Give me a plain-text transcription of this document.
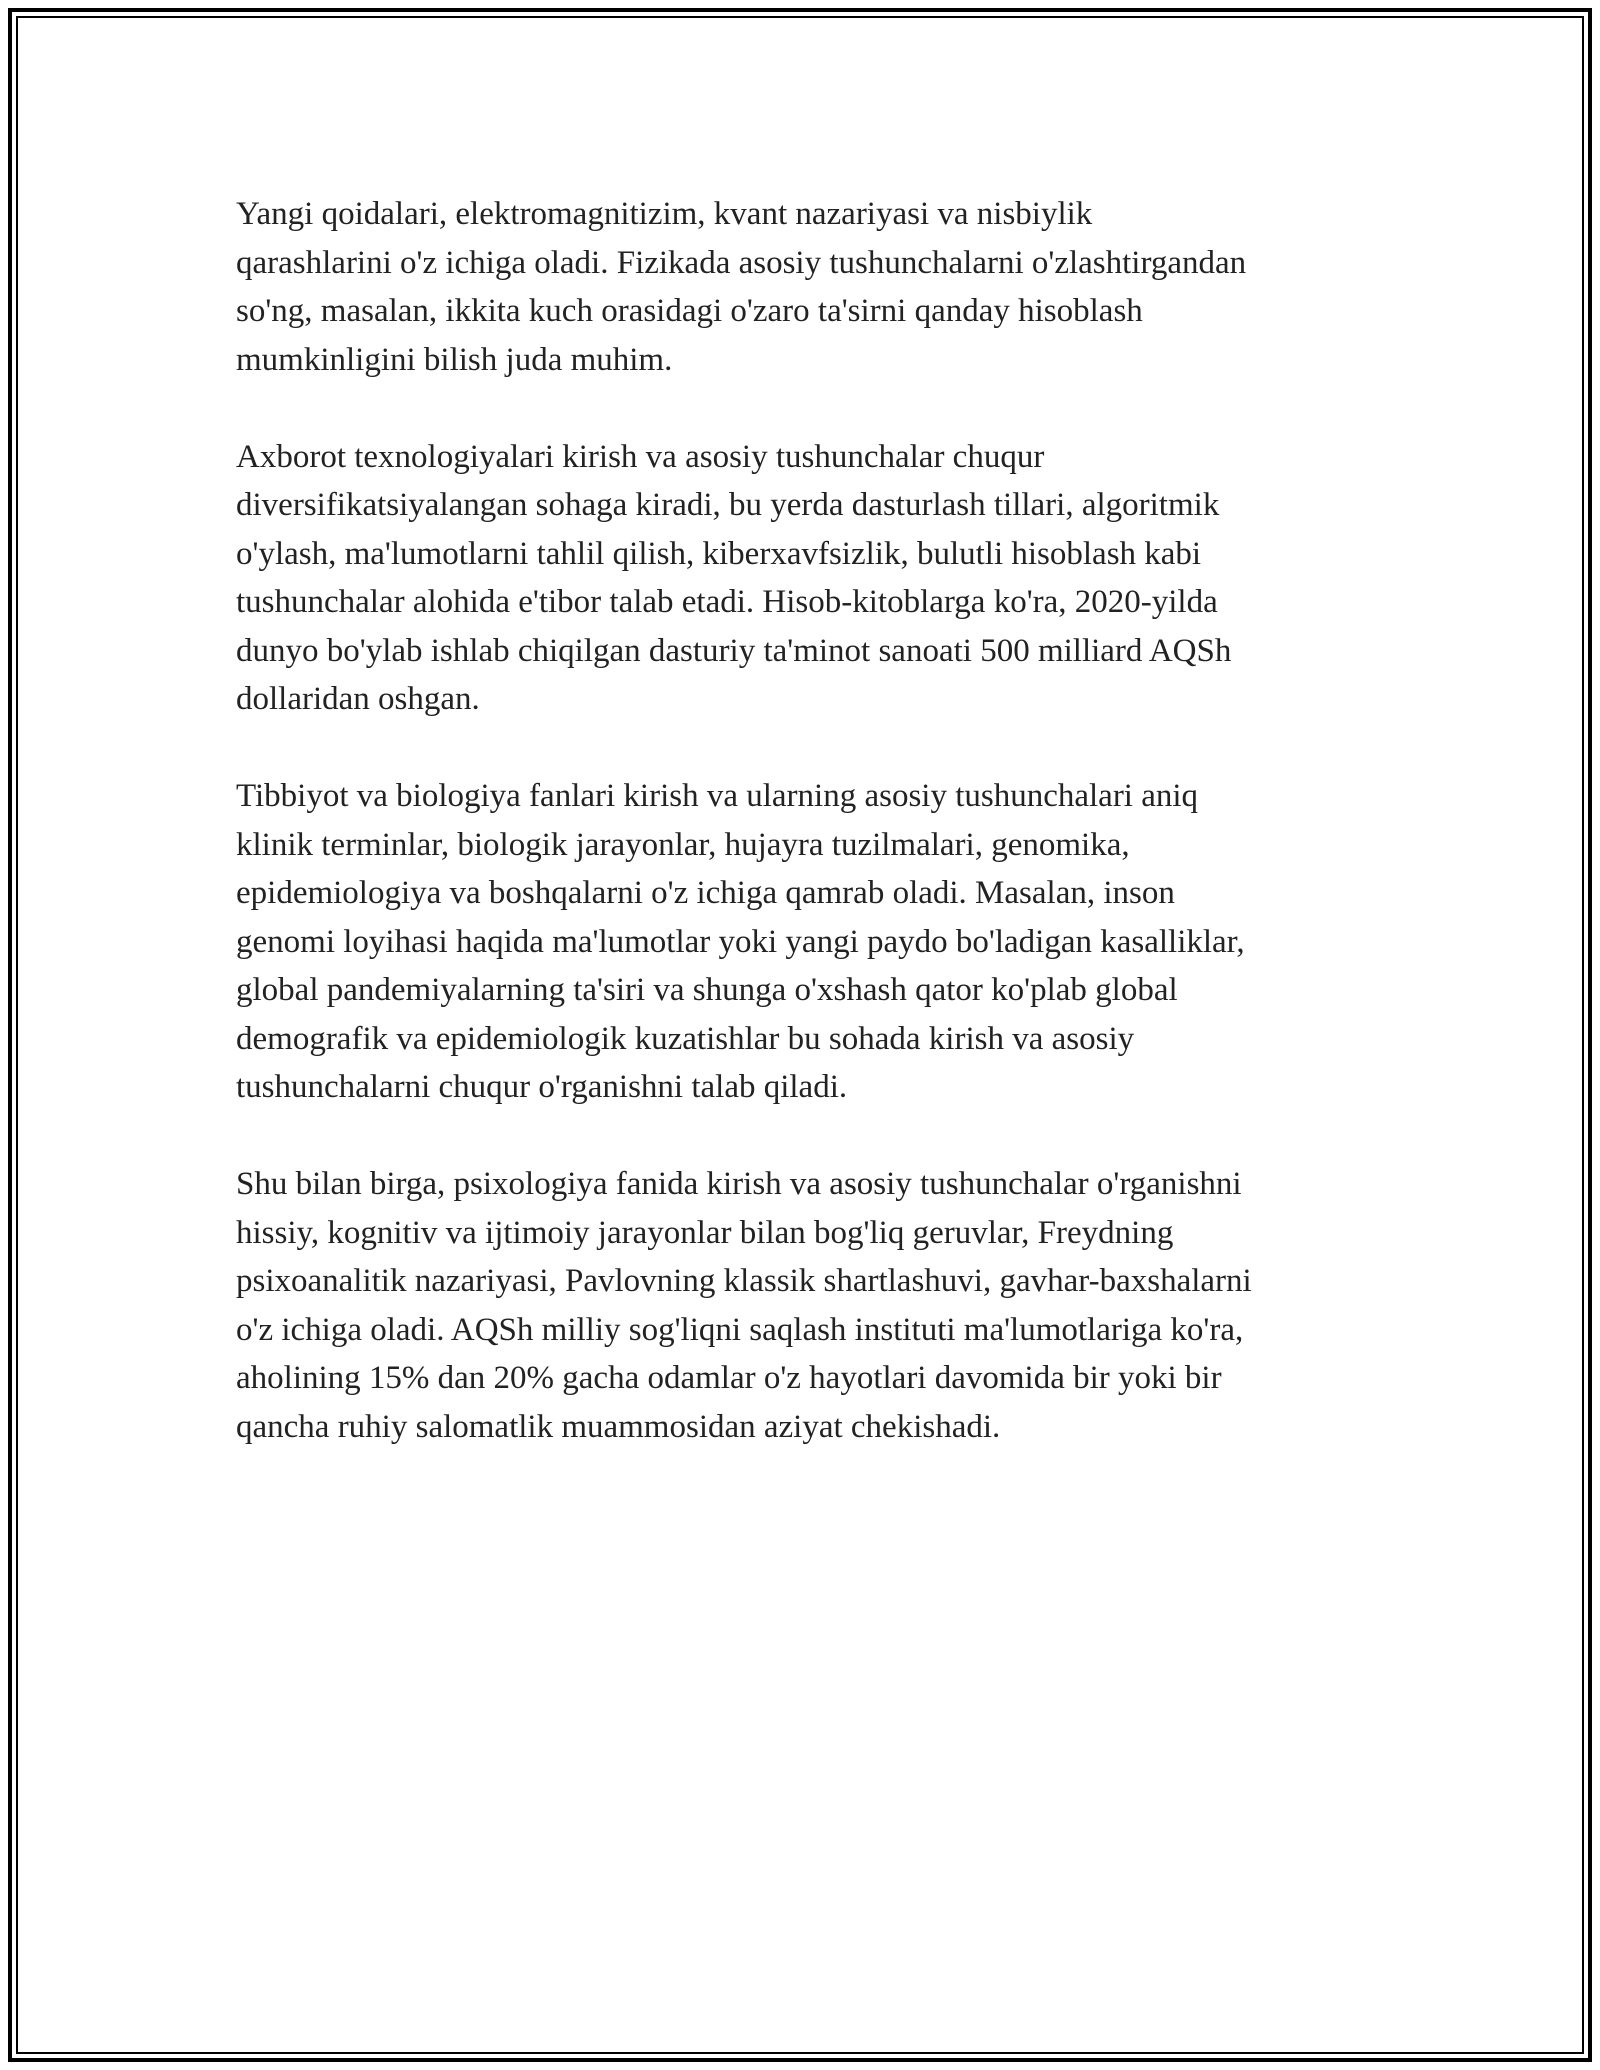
Yangi qoidalari, elektromagnitizim, kvant nazariyasi va nisbiylik
qarashlarini o'z ichiga oladi. Fizikada asosiy tushunchalarni o'zlashtirgandan
so'ng, masalan, ikkita kuch orasidagi o'zaro ta'sirni qanday hisoblash
mumkinligini bilish juda muhim.

Axborot texnologiyalari kirish va asosiy tushunchalar chuqur
diversifikatsiyalangan sohaga kiradi, bu yerda dasturlash tillari, algoritmik
o'ylash, ma'lumotlarni tahlil qilish, kiberxavfsizlik, bulutli hisoblash kabi
tushunchalar alohida e'tibor talab etadi. Hisob-kitoblarga ko'ra, 2020-yilda
dunyo bo'ylab ishlab chiqilgan dasturiy ta'minot sanoati 500 milliard AQSh
dollaridan oshgan.

Tibbiyot va biologiya fanlari kirish va ularning asosiy tushunchalari aniq
klinik terminlar, biologik jarayonlar, hujayra tuzilmalari, genomika,
epidemiologiya va boshqalarni o'z ichiga qamrab oladi. Masalan, inson
genomi loyihasi haqida ma'lumotlar yoki yangi paydo bo'ladigan kasalliklar,
global pandemiyalarning ta'siri va shunga o'xshash qator ko'plab global
demografik va epidemiologik kuzatishlar bu sohada kirish va asosiy
tushunchalarni chuqur o'rganishni talab qiladi.

Shu bilan birga, psixologiya fanida kirish va asosiy tushunchalar o'rganishni
hissiy, kognitiv va ijtimoiy jarayonlar bilan bog'liq geruvlar, Freydning
psixoanalitik nazariyasi, Pavlovning klassik shartlashuvi, gavhar-baxshalarni
o'z ichiga oladi. AQSh milliy sog'liqni saqlash instituti ma'lumotlariga ko'ra,
aholining 15% dan 20% gacha odamlar o'z hayotlari davomida bir yoki bir
qancha ruhiy salomatlik muammosidan aziyat chekishadi.
